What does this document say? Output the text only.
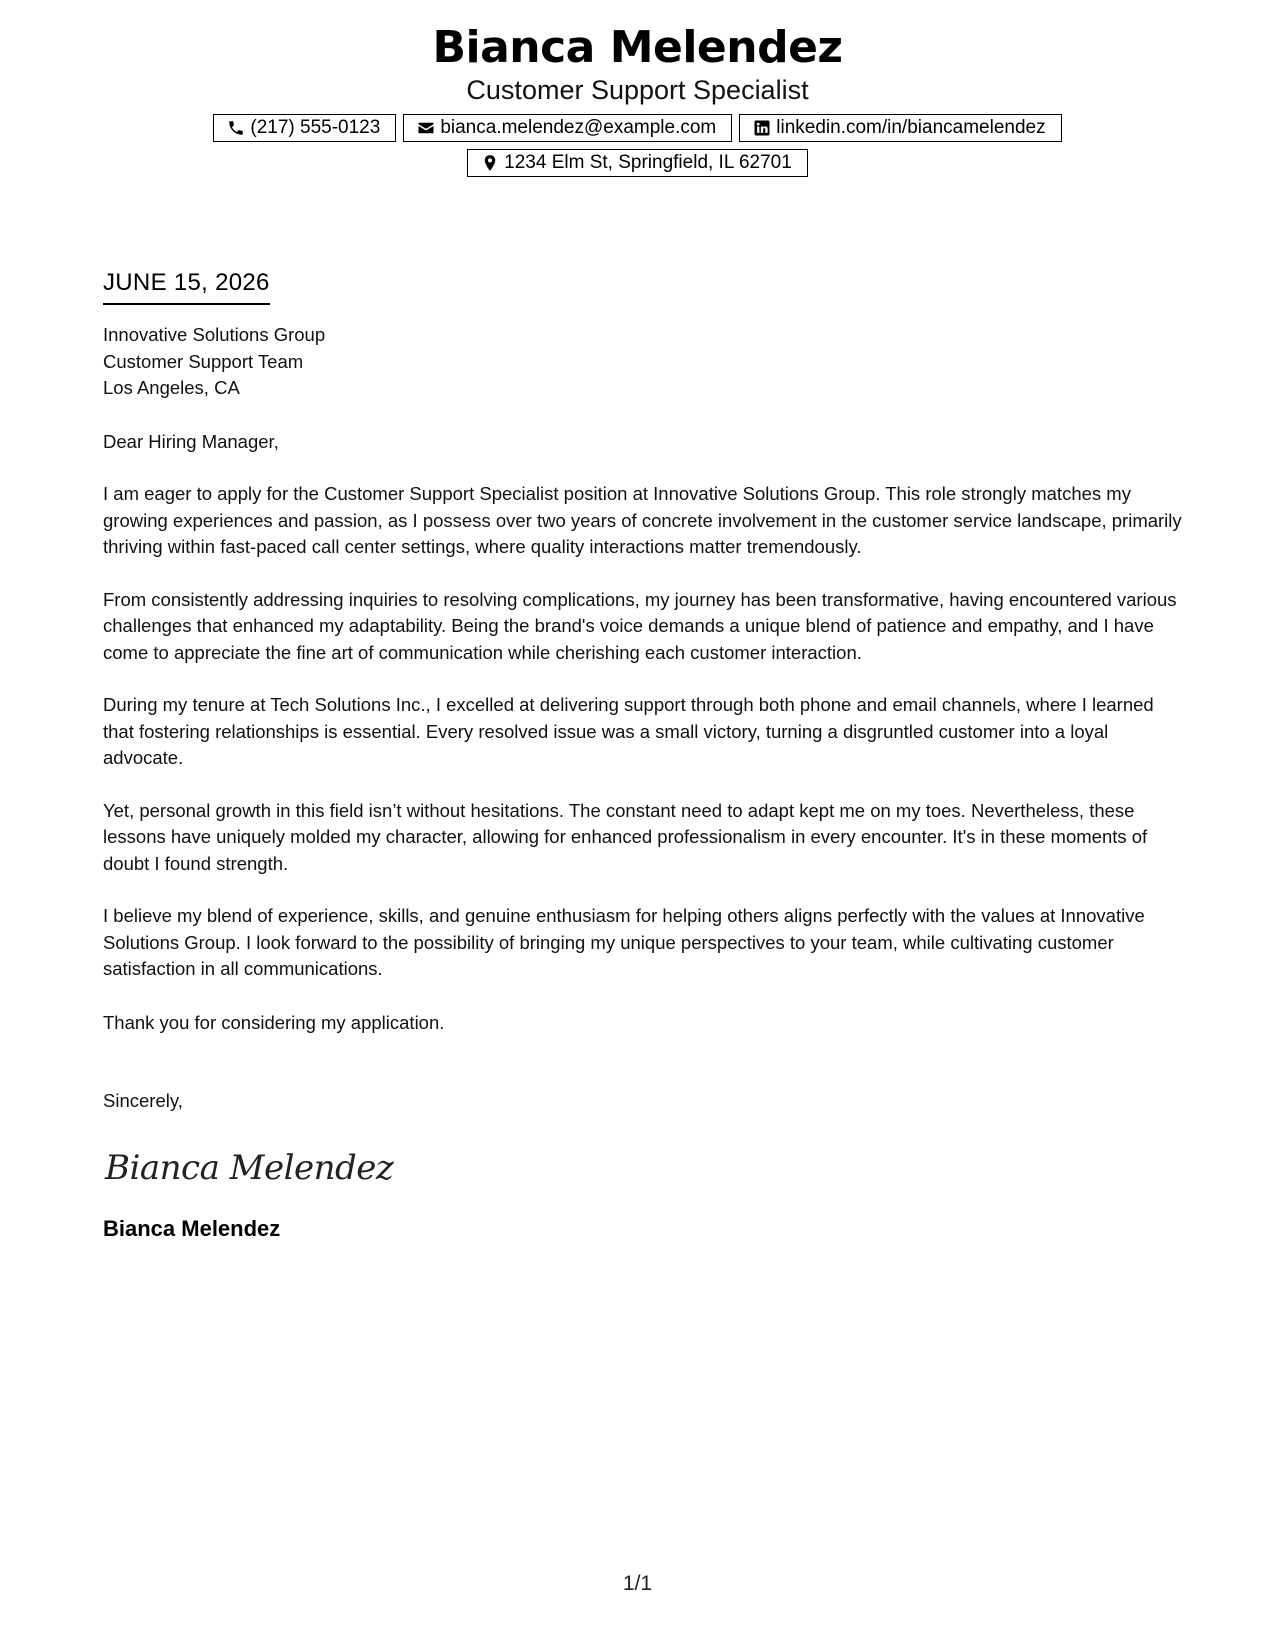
Bianca Melendez
Customer Support Specialist
(217) 555-0123	bianca.melendez@example.com	linkedin.com/in/biancamelendez
1234 Elm St, Springfield, IL 62701
JUNE 15, 2026
Innovative Solutions Group
Customer Support Team
Los Angeles, CA
Dear Hiring Manager,
I am eager to apply for the Customer Support Specialist position at Innovative Solutions Group. This role strongly matches my growing experiences and passion, as I possess over two years of concrete involvement in the customer service landscape, primarily thriving within fast-paced call center settings, where quality interactions matter tremendously.
From consistently addressing inquiries to resolving complications, my journey has been transformative, having encountered various challenges that enhanced my adaptability. Being the brand's voice demands a unique blend of patience and empathy, and I have come to appreciate the fine art of communication while cherishing each customer interaction.
During my tenure at Tech Solutions Inc., I excelled at delivering support through both phone and email channels, where I learned that fostering relationships is essential. Every resolved issue was a small victory, turning a disgruntled customer into a loyal advocate.
Yet, personal growth in this field isn’t without hesitations. The constant need to adapt kept me on my toes. Nevertheless, these lessons have uniquely molded my character, allowing for enhanced professionalism in every encounter. It's in these moments of doubt I found strength.
I believe my blend of experience, skills, and genuine enthusiasm for helping others aligns perfectly with the values at Innovative Solutions Group. I look forward to the possibility of bringing my unique perspectives to your team, while cultivating customer satisfaction in all communications.
Thank you for considering my application.
Sincerely,
Bianca Melendez
Bianca Melendez
1/1
